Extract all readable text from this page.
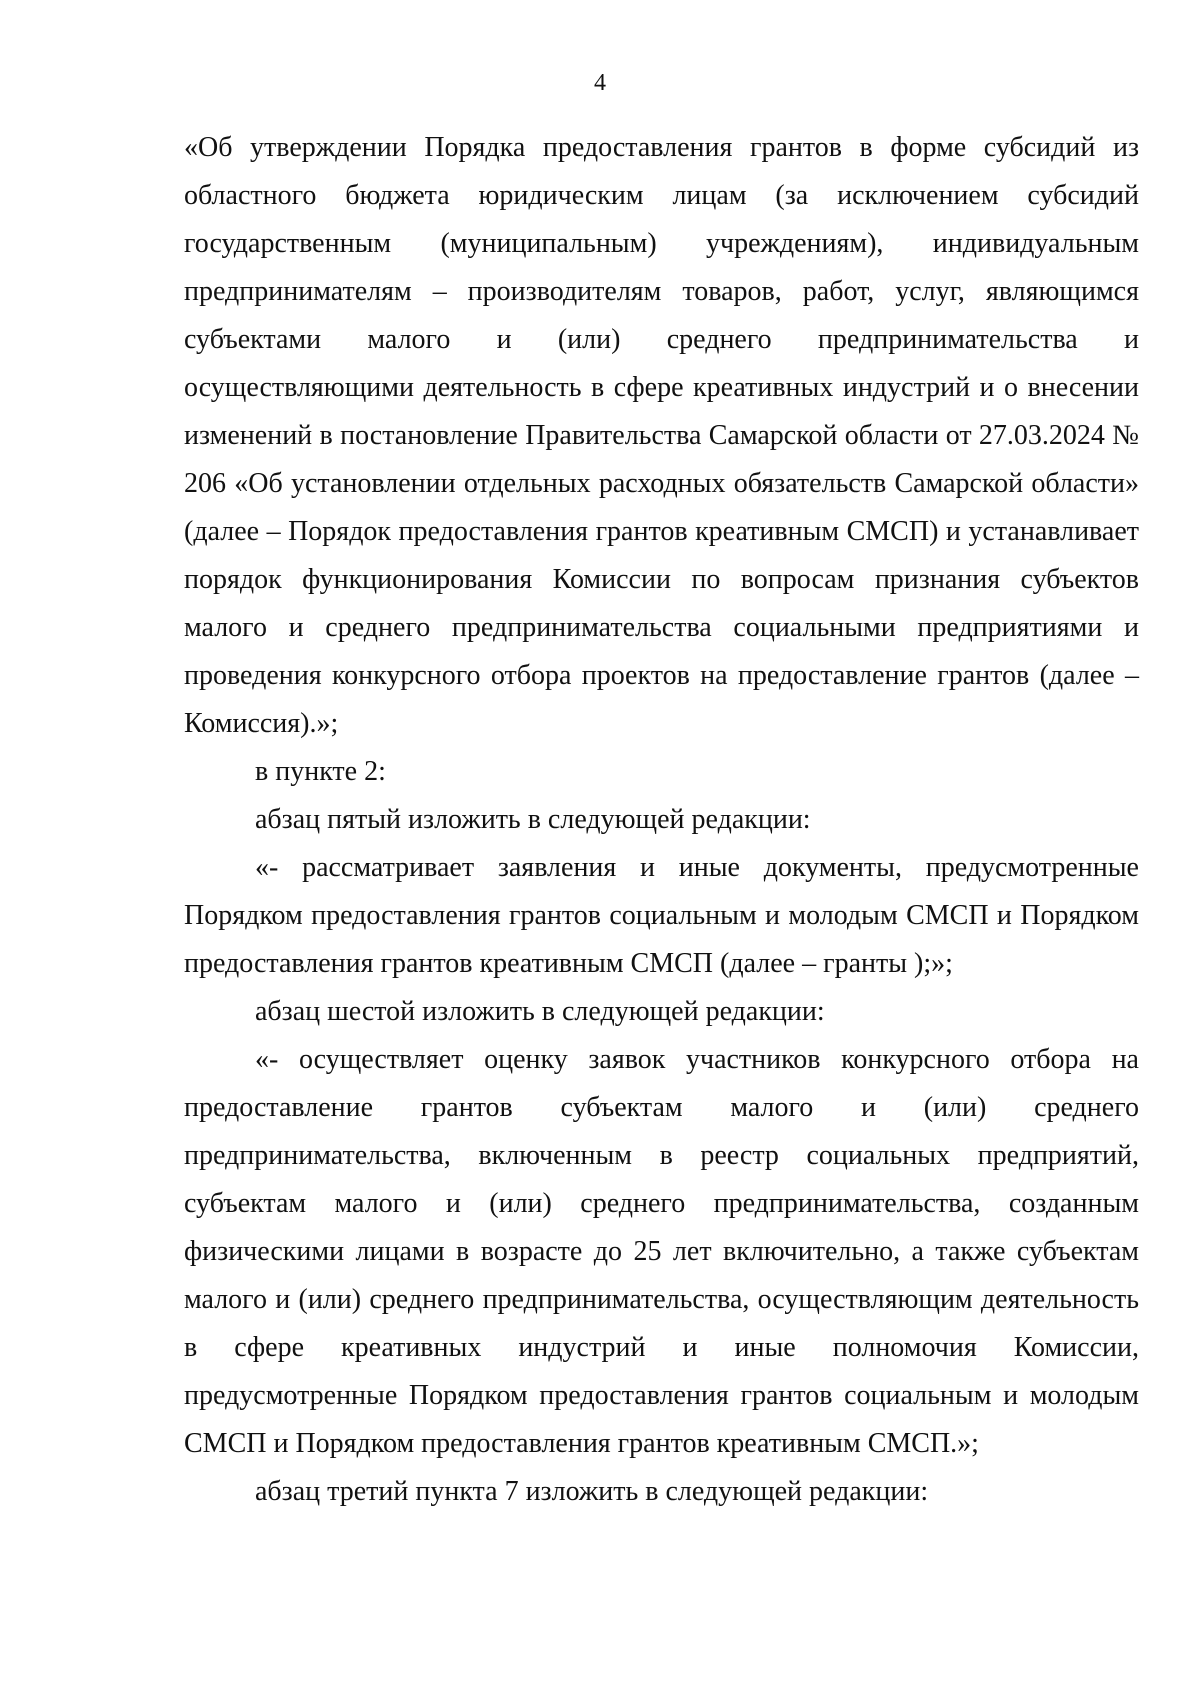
4

«Об утверждении Порядка предоставления грантов в форме субсидий из областного бюджета юридическим лицам (за исключением субсидий государственным (муниципальным) учреждениям), индивидуальным предпринимателям – производителям товаров, работ, услуг, являющимся субъектами малого и (или) среднего предпринимательства и осуществляющими деятельность в сфере креативных индустрий и о внесении изменений в постановление Правительства Самарской области от 27.03.2024 № 206 «Об установлении отдельных расходных обязательств Самарской области» (далее – Порядок предоставления грантов креативным СМСП) и устанавливает порядок функционирования Комиссии по вопросам признания субъектов малого и среднего предпринимательства социальными предприятиями и проведения конкурсного отбора проектов на предоставление грантов (далее – Комиссия).»;

в пункте 2:

абзац пятый изложить в следующей редакции:

«- рассматривает заявления и иные документы, предусмотренные Порядком предоставления грантов социальным и молодым СМСП и Порядком предоставления грантов креативным СМСП (далее – гранты );»;

абзац шестой изложить в следующей редакции:

«- осуществляет оценку заявок участников конкурсного отбора на предоставление грантов субъектам малого и (или) среднего предпринимательства, включенным в реестр социальных предприятий, субъектам малого и (или) среднего предпринимательства, созданным физическими лицами в возрасте до 25 лет включительно, а также субъектам малого и (или) среднего предпринимательства, осуществляющим деятельность в сфере креативных индустрий и иные полномочия Комиссии, предусмотренные Порядком предоставления грантов социальным и молодым СМСП и Порядком предоставления грантов креативным СМСП.»;

абзац третий пункта 7 изложить в следующей редакции:
